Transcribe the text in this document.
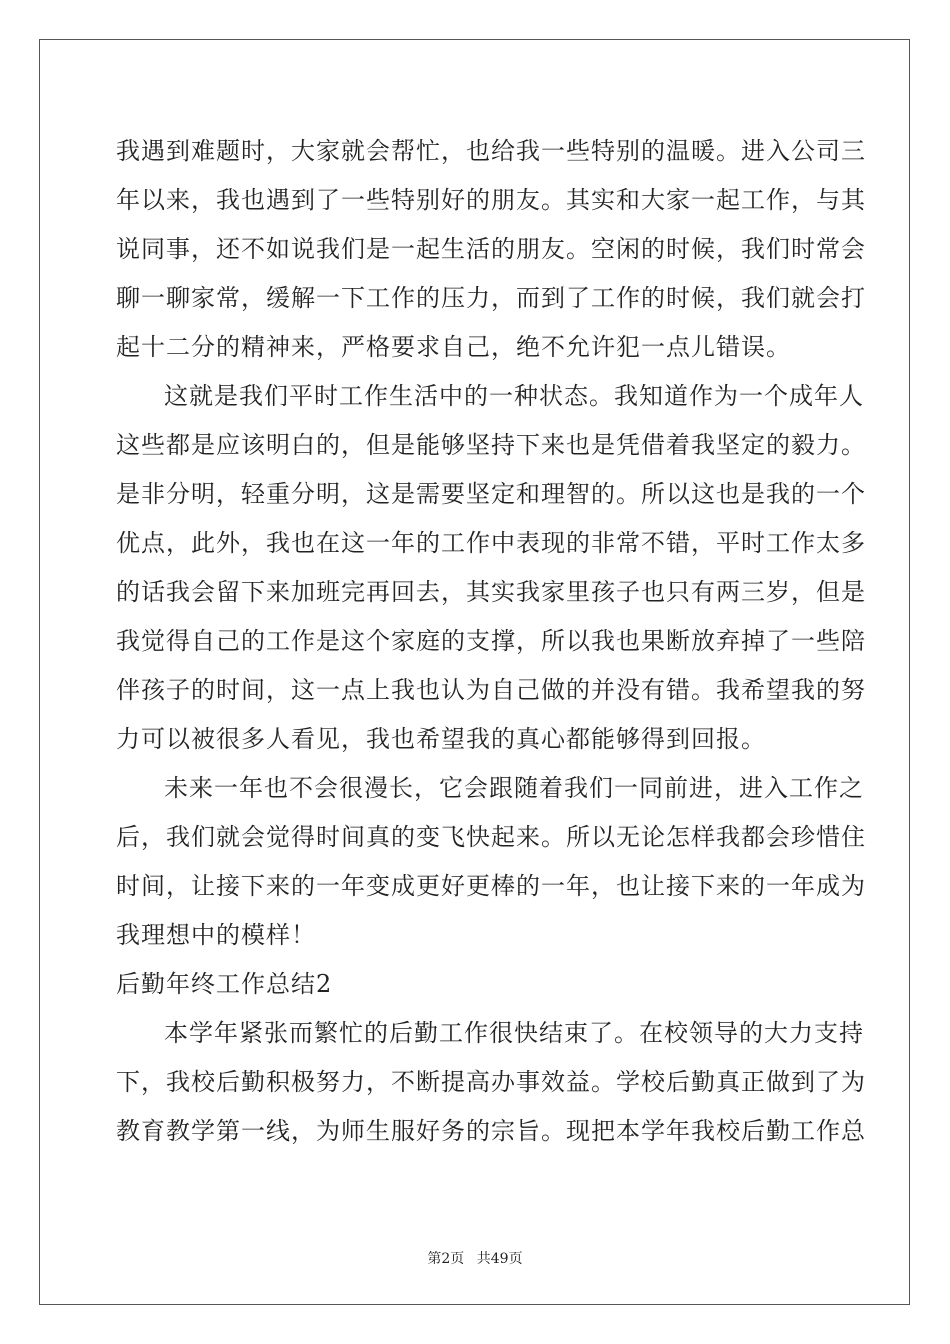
我遇到难题时，大家就会帮忙，也给我一些特别的温暖。进入公司三
年以来，我也遇到了一些特别好的朋友。其实和大家一起工作，与其
说同事，还不如说我们是一起生活的朋友。空闲的时候，我们时常会
聊一聊家常，缓解一下工作的压力，而到了工作的时候，我们就会打
起十二分的精神来，严格要求自己，绝不允许犯一点儿错误。
这就是我们平时工作生活中的一种状态。我知道作为一个成年人
这些都是应该明白的，但是能够坚持下来也是凭借着我坚定的毅力。
是非分明，轻重分明，这是需要坚定和理智的。所以这也是我的一个
优点，此外，我也在这一年的工作中表现的非常不错，平时工作太多
的话我会留下来加班完再回去，其实我家里孩子也只有两三岁，但是
我觉得自己的工作是这个家庭的支撑，所以我也果断放弃掉了一些陪
伴孩子的时间，这一点上我也认为自己做的并没有错。我希望我的努
力可以被很多人看见，我也希望我的真心都能够得到回报。
未来一年也不会很漫长，它会跟随着我们一同前进，进入工作之
后，我们就会觉得时间真的变飞快起来。所以无论怎样我都会珍惜住
时间，让接下来的一年变成更好更棒的一年，也让接下来的一年成为
我理想中的模样！
后勤年终工作总结2
本学年紧张而繁忙的后勤工作很快结束了。在校领导的大力支持
下，我校后勤积极努力，不断提高办事效益。学校后勤真正做到了为
教育教学第一线，为师生服好务的宗旨。现把本学年我校后勤工作总
第2页 共49页
